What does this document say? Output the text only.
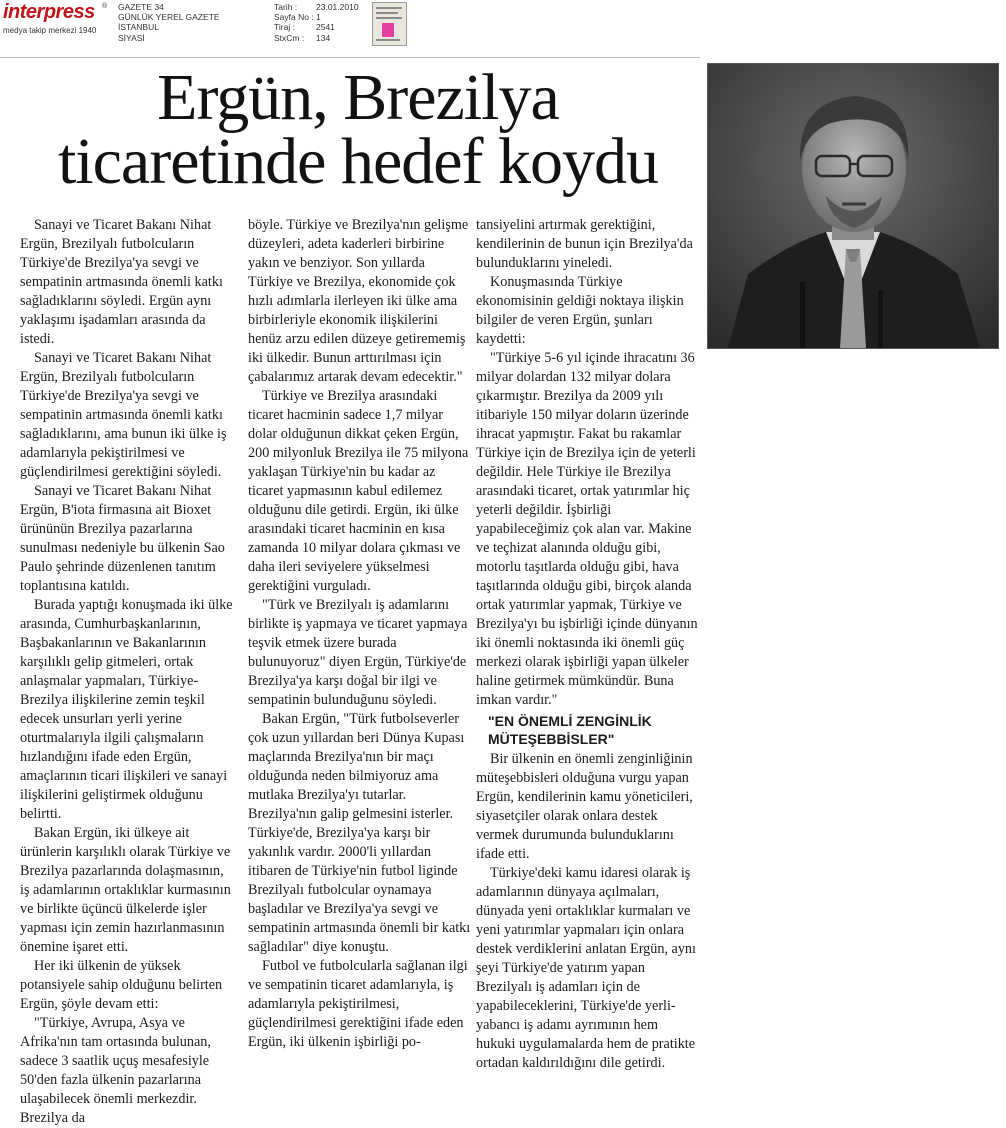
interpress ®
medya takip merkezi 1940
GAZETE 34
GÜNLÜK YEREL GAZETE
İSTANBUL
SİYASİ
Tarih : 23.01.2010
Sayfa No : 1
Tiraj : 2541
StxCm : 134
Ergün, Brezilya
ticaretinde hedef koydu

Sanayi ve Ticaret Bakanı Nihat Ergün, Brezilyalı futbolcuların Türkiye'de Brezilya'ya sevgi ve sempatinin artmasında önemli katkı sağladıklarını söyledi. Ergün aynı yaklaşımı işadamları arasında da istedi.

Sanayi ve Ticaret Bakanı Nihat Ergün, Brezilyalı futbolcuların Türkiye'de Brezilya'ya sevgi ve sempatinin artmasında önemli katkı sağladıklarını, ama bunun iki ülke iş adamlarıyla pekiştirilmesi ve güçlendirilmesi gerektiğini söyledi.

Sanayi ve Ticaret Bakanı Nihat Ergün, B'iota firmasına ait Bioxet ürününün Brezilya pazarlarına sunulması nedeniyle bu ülkenin Sao Paulo şehrinde düzenlenen tanıtım toplantısına katıldı.

Burada yaptığı konuşmada iki ülke arasında, Cumhurbaşkanlarının, Başbakanlarının ve Bakanlarının karşılıklı gelip gitmeleri, ortak anlaşmalar yapmaları, Türkiye-Brezilya ilişkilerine zemin teşkil edecek unsurları yerli yerine oturtmalarıyla ilgili çalışmaların hızlandığını ifade eden Ergün, amaçlarının ticari ilişkileri ve sanayi ilişkilerini geliştirmek olduğunu belirtti.

Bakan Ergün, iki ülkeye ait ürünlerin karşılıklı olarak Türkiye ve Brezilya pazarlarında dolaşmasının, iş adamlarının ortaklıklar kurmasının ve birlikte üçüncü ülkelerde işler yapması için zemin hazırlanmasının önemine işaret etti.

Her iki ülkenin de yüksek potansiyele sahip olduğunu belirten Ergün, şöyle devam etti:

"Türkiye, Avrupa, Asya ve Afrika'nın tam ortasında bulunan, sadece 3 saatlik uçuş mesafesiyle 50'den fazla ülkenin pazarlarına ulaşabilecek önemli merkezdir. Brezilya da

böyle. Türkiye ve Brezilya'nın gelişme düzeyleri, adeta kaderleri birbirine yakın ve benziyor. Son yıllarda Türkiye ve Brezilya, ekonomide çok hızlı adımlarla ilerleyen iki ülke ama birbirleriyle ekonomik ilişkilerini henüz arzu edilen düzeye getirememiş iki ülkedir. Bunun arttırılması için çabalarımız artarak devam edecektir."

Türkiye ve Brezilya arasındaki ticaret hacminin sadece 1,7 milyar dolar olduğunun dikkat çeken Ergün, 200 milyonluk Brezilya ile 75 milyona yaklaşan Türkiye'nin bu kadar az ticaret yapmasının kabul edilemez olduğunu dile getirdi. Ergün, iki ülke arasındaki ticaret hacminin en kısa zamanda 10 milyar dolara çıkması ve daha ileri seviyelere yükselmesi gerektiğini vurguladı.

"Türk ve Brezilyalı iş adamlarını birlikte iş yapmaya ve ticaret yapmaya teşvik etmek üzere burada bulunuyoruz" diyen Ergün, Türkiye'de Brezilya'ya karşı doğal bir ilgi ve sempatinin bulunduğunu söyledi.

Bakan Ergün, "Türk futbolseverler çok uzun yıllardan beri Dünya Kupası maçlarında Brezilya'nın bir maçı olduğunda neden bilmiyoruz ama mutlaka Brezilya'yı tutarlar. Brezilya'nın galip gelmesini isterler. Türkiye'de, Brezilya'ya karşı bir yakınlık vardır. 2000'li yıllardan itibaren de Türkiye'nin futbol liginde Brezilyalı futbolcular oynamaya başladılar ve Brezilya'ya sevgi ve sempatinin artmasında önemli bir katkı sağladılar" diye konuştu.

Futbol ve futbolcularla sağlanan ilgi ve sempatinin ticaret adamlarıyla, iş adamlarıyla pekiştirilmesi, güçlendirilmesi gerektiğini ifade eden Ergün, iki ülkenin işbirliği po-

tansiyelini artırmak gerektiğini, kendilerinin de bunun için Brezilya'da bulunduklarını yineledi.

Konuşmasında Türkiye ekonomisinin geldiği noktaya ilişkin bilgiler de veren Ergün, şunları kaydetti:

"Türkiye 5-6 yıl içinde ihracatını 36 milyar dolardan 132 milyar dolara çıkarmıştır. Brezilya da 2009 yılı itibariyle 150 milyar doların üzerinde ihracat yapmıştır. Fakat bu rakamlar Türkiye için de Brezilya için de yeterli değildir. Hele Türkiye ile Brezilya arasındaki ticaret, ortak yatırımlar hiç yeterli değildir. İşbirliği yapabileceğimiz çok alan var. Makine ve teçhizat alanında olduğu gibi, motorlu taşıtlarda olduğu gibi, hava taşıtlarında olduğu gibi, birçok alanda ortak yatırımlar yapmak, Türkiye ve Brezilya'yı bu işbirliği içinde dünyanın iki önemli noktasında iki önemli güç merkezi olarak işbirliği yapan ülkeler haline getirmek mümkündür. Buna imkan vardır."

"EN ÖNEMLİ ZENGİNLİK MÜTEŞEBBİSLER"

Bir ülkenin en önemli zenginliğinin müteşebbisleri olduğuna vurgu yapan Ergün, kendilerinin kamu yöneticileri, siyasetçiler olarak onlara destek vermek durumunda bulunduklarını ifade etti.

Türkiye'deki kamu idaresi olarak iş adamlarının dünyaya açılmaları, dünyada yeni ortaklıklar kurmaları ve yeni yatırımlar yapmaları için onlara destek verdiklerini anlatan Ergün, aynı şeyi Türkiye'de yatırım yapan Brezilyalı iş adamları için de yapabileceklerini, Türkiye'de yerli-yabancı iş adamı ayrımının hem hukuki uygulamalarda hem de pratikte ortadan kaldırıldığını dile getirdi.
